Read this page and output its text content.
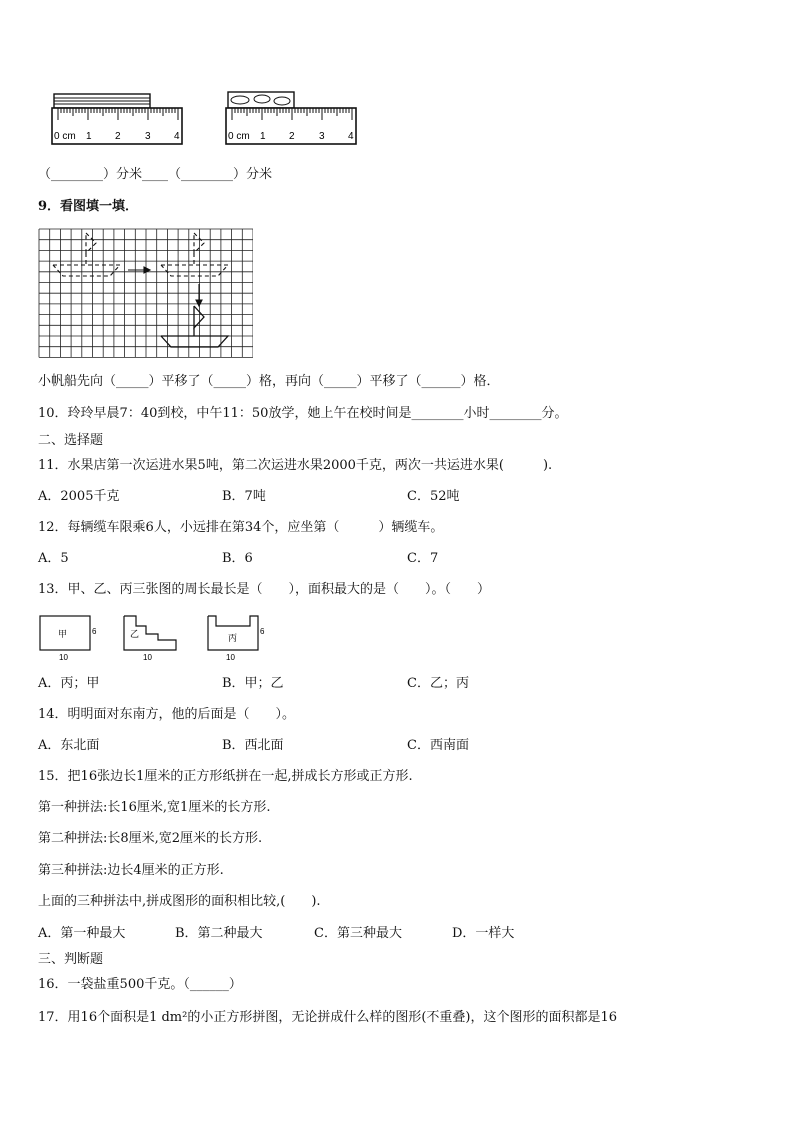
0 cm 1 2 3 4	0 cm 1 2 3 4
（________）分米____（________）分米
9．看图填一填．
小帆船先向（_____）平移了（_____）格，再向（_____）平移了（______）格．
10．玲玲早晨7：40到校，中午11：50放学，她上午在校时间是________小时________分。
二、选择题
11．水果店第一次运进水果5吨，第二次运进水果2000千克，两次一共运进水果(　　　).
A．2005千克	B．7吨	C．52吨
12．每辆缆车限乘6人，小远排在第34个，应坐第（　　　）辆缆车。
A．5	B．6	C．7
13．甲、乙、丙三张图的周长最长是（　　），面积最大的是（　　）。（　　）
甲	6
10
乙
10
丙
6
10
A．丙；甲	B．甲；乙	C．乙；丙
14．明明面对东南方，他的后面是（　　）。
A．东北面	B．西北面	C．西南面
15．把16张边长1厘米的正方形纸拼在一起,拼成长方形或正方形.
第一种拼法:长16厘米,宽1厘米的长方形.
第二种拼法:长8厘米,宽2厘米的长方形.
第三种拼法:边长4厘米的正方形.
上面的三种拼法中,拼成图形的面积相比较,(　　).
A．第一种最大	B．第二种最大	C．第三种最大	D．一样大
三、判断题
16．一袋盐重500千克。（______）
17．用16个面积是1 dm²的小正方形拼图，无论拼成什么样的图形(不重叠)，这个图形的面积都是16
